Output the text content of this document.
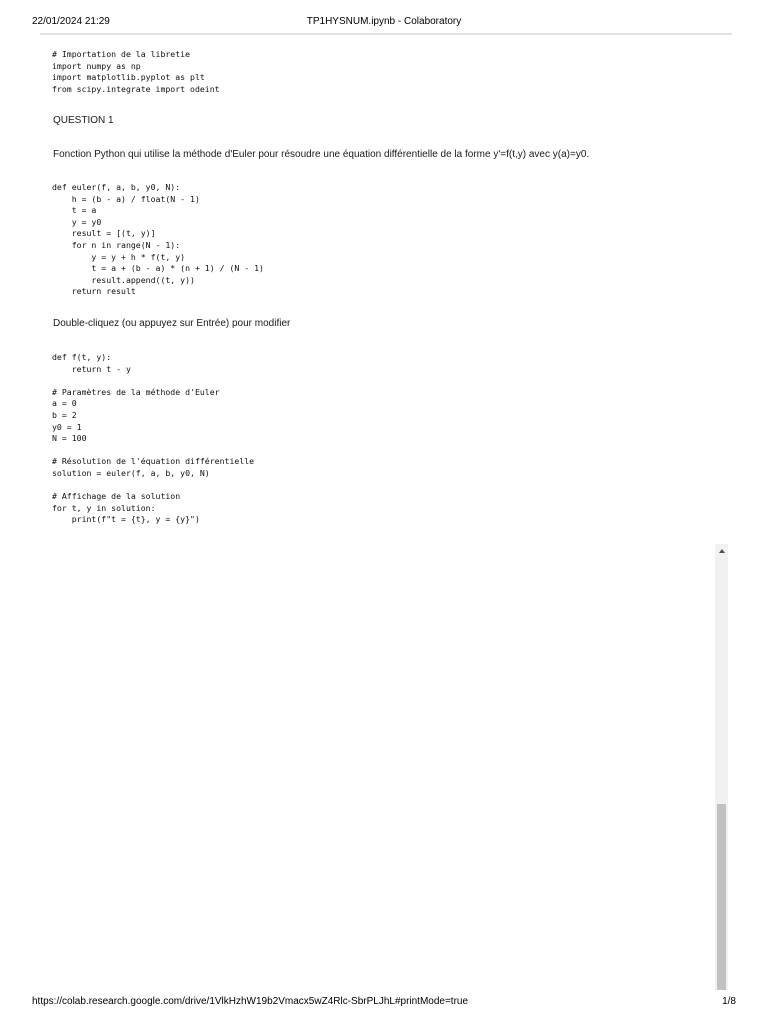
22/01/2024 21:29	TP1HYSNUM.ipynb - Colaboratory
# Importation de la libretie
import numpy as np
import matplotlib.pyplot as plt
from scipy.integrate import odeint
QUESTION 1
Fonction Python qui utilise la méthode d'Euler pour résoudre une équation différentielle de la forme y'=f(t,y) avec y(a)=y0.
def euler(f, a, b, y0, N):
h = (b - a) / float(N - 1)
t = a
y = y0
result = [(t, y)]
for n in range(N - 1):
y = y + h * f(t, y)
t = a + (b - a) * (n + 1) / (N - 1)
result.append((t, y))
return result
Double-cliquez (ou appuyez sur Entrée) pour modifier
def f(t, y):
return t - y

# Paramètres de la méthode d'Euler
a = 0
b = 2
y0 = 1
N = 100

# Résolution de l'équation différentielle
solution = euler(f, a, b, y0, N)

# Affichage de la solution
for t, y in solution:
print(f"t = {t}, y = {y}")
https://colab.research.google.com/drive/1VlkHzhW19b2Vmacx5wZ4Rlc-SbrPLJhL#printMode=true	1/8
